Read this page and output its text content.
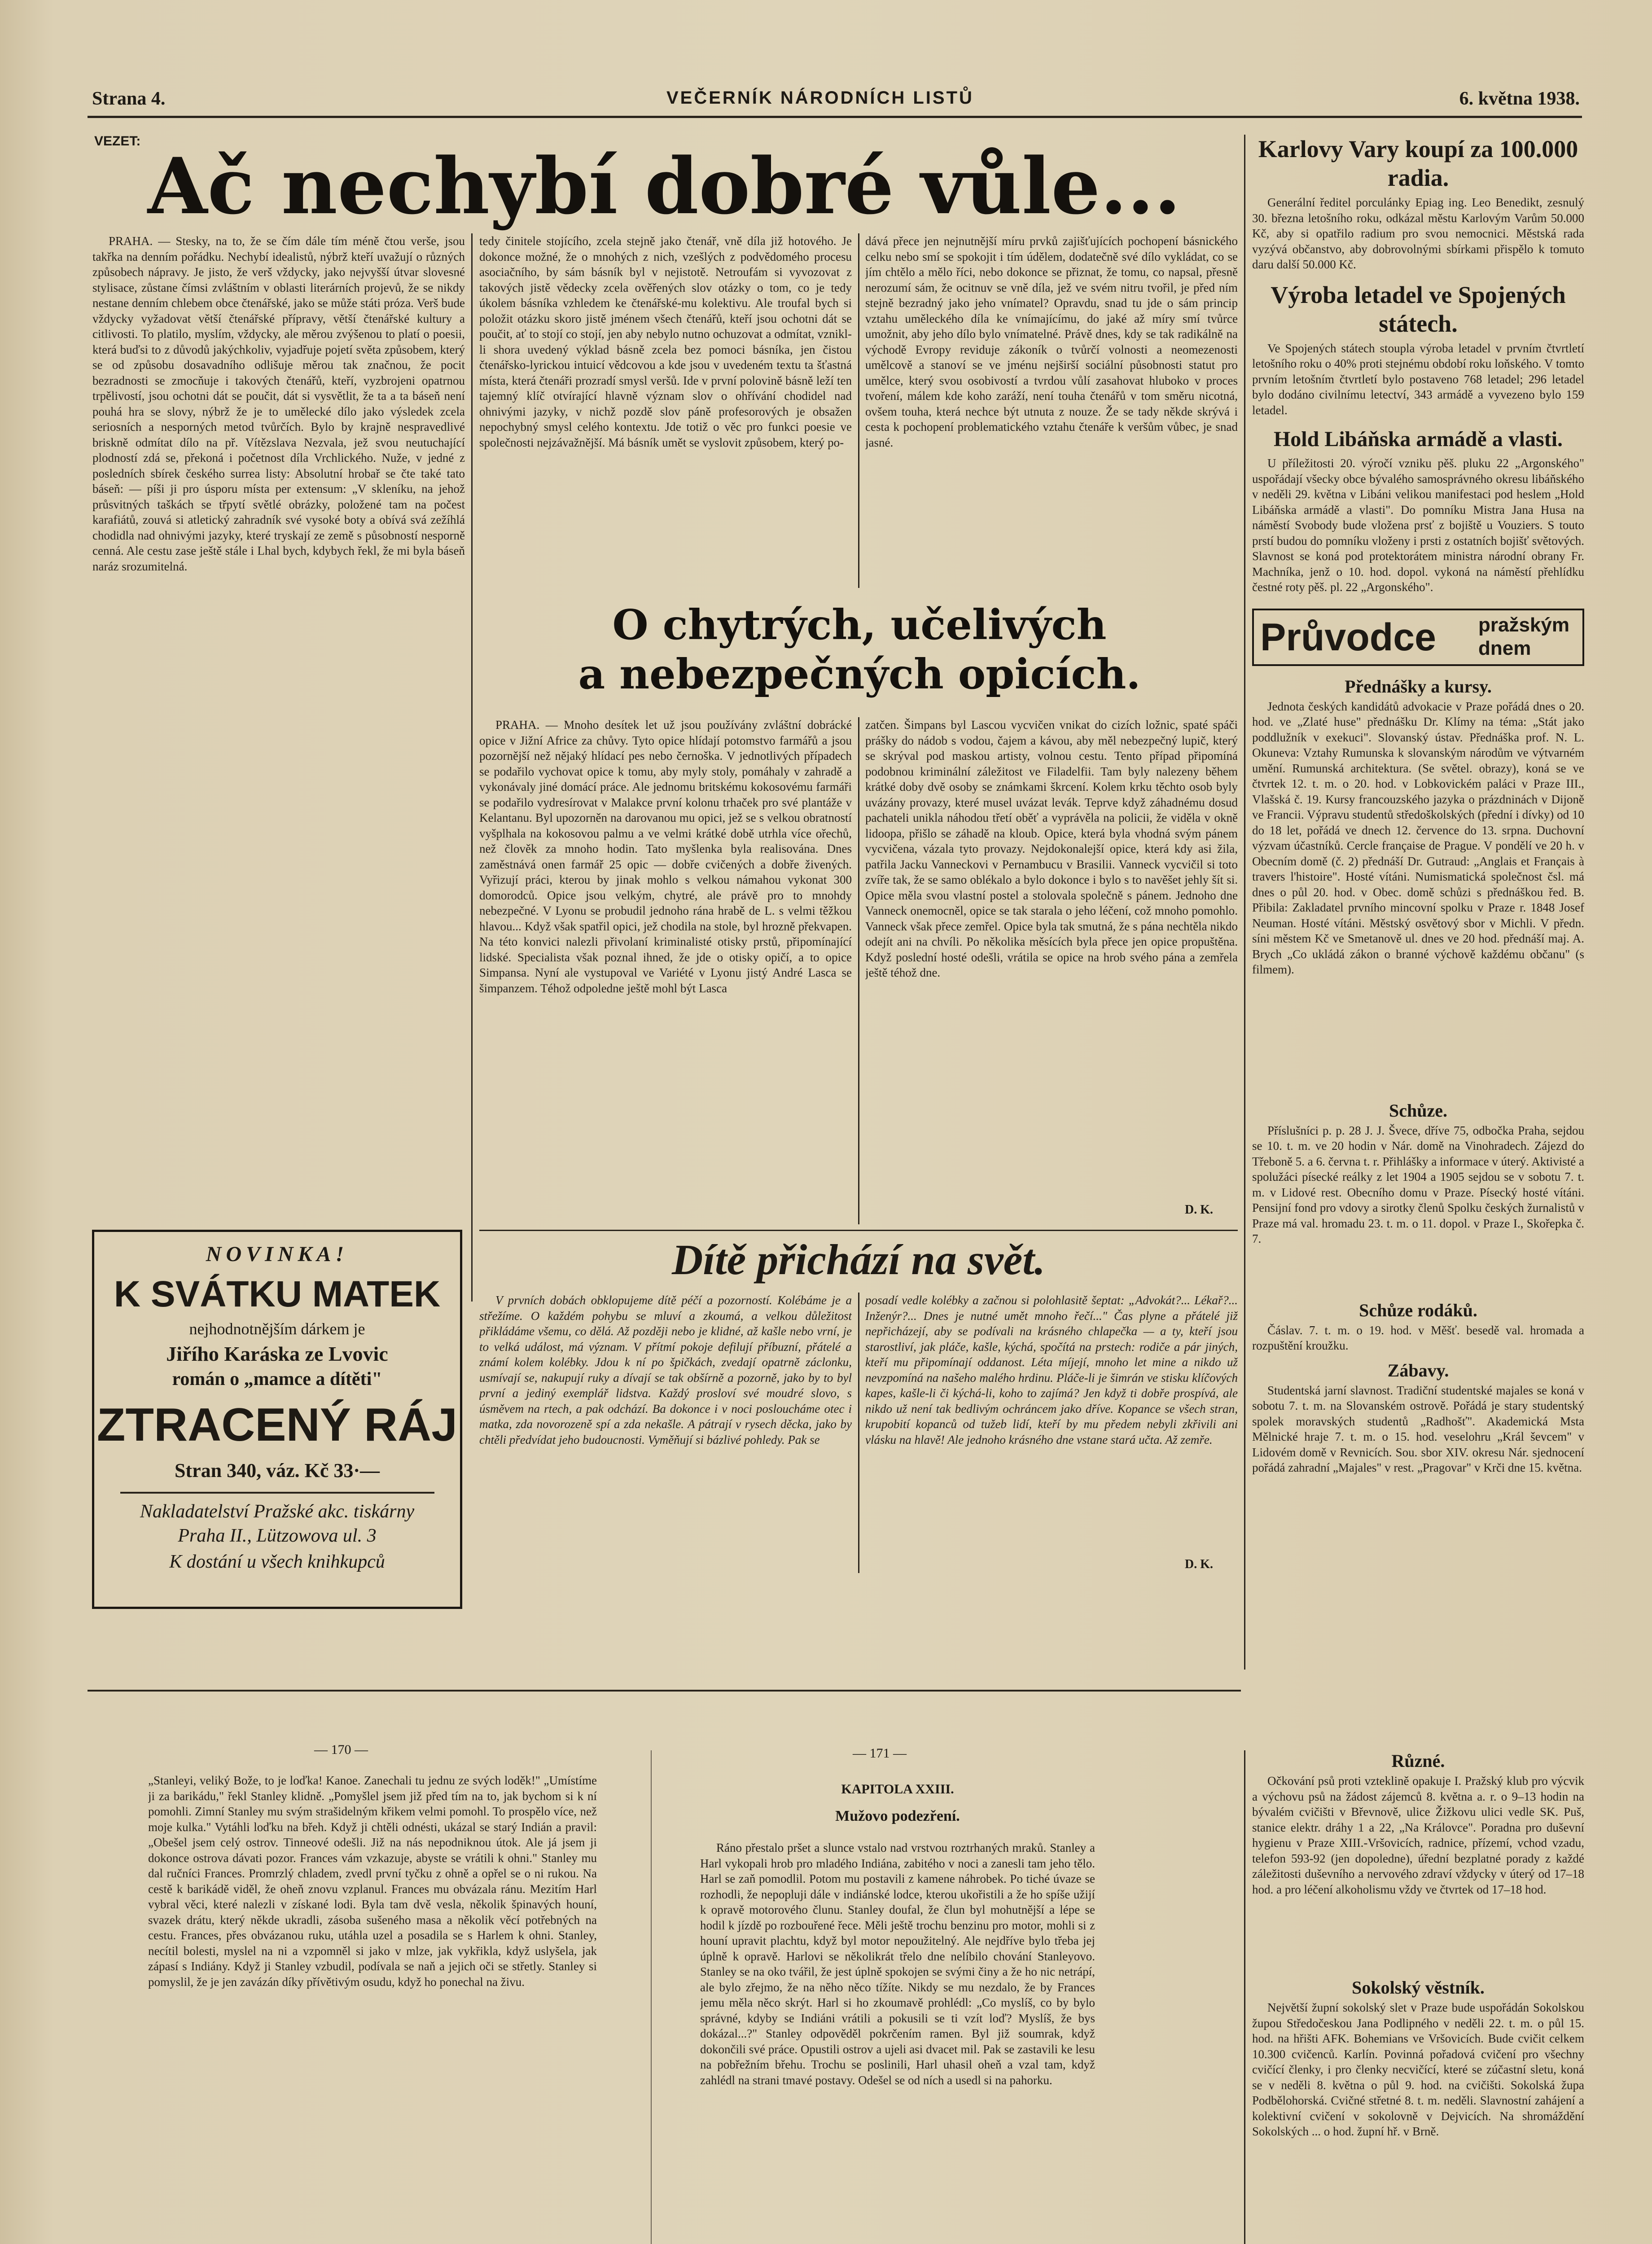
Strana 4.	VEČERNÍK NÁRODNÍCH LISTŮ	6. května 1938.
VEZET: Ač nechybí dobré vůle...

PRAHA. — Stesky, na to, že se čím dále tím méně čtou verše, jsou takřka na denním pořádku. Nechybí idealistů, nýbrž kteří uvažují o různých způsobech nápravy. Je jisto, že verš vždycky, jako nejvyšší útvar slovesné stylisace, zůstane čímsi zvláštním v oblasti literárních projevů, že se nikdy nestane denním chlebem obce čtenářské, jako se může státi próza. Verš bude vždycky vyžadovat větší čtenářské přípravy, větší čtenářské kultury a citlivosti. To platilo, myslím, vždycky, ale měrou zvýšenou to platí o poesii, která buďsi to z důvodů jakýchkoliv, vyjadřuje pojetí světa způsobem, který se od způsobu dosavadního odlišuje měrou tak značnou, že pocit bezradnosti se zmocňuje i takových čtenářů, kteří, vyzbrojeni opatrnou trpělivostí, jsou ochotni dát se poučit, dát si vysvětlit, že ta a ta báseň není pouhá hra se slovy, nýbrž že je to umělecké dílo jako výsledek zcela seriosních a nesporných metod tvůrčích. Bylo by krajně nespravedlivé briskně odmítat dílo na př. Vítězslava Nezvala, jež svou neutuchající plodností zdá se, překoná i početnost díla Vrchlického. Nuže, v jedné z posledních sbírek českého surrea listy: Absolutní hrobař se čte také tato báseň: — píši ji pro úsporu místa per extensum: „V skleníku, na jehož průsvitných taškách se třpytí světlé obrázky, položené tam na počest karafiátů, zouvá si atletický zahradník své vysoké boty a obívá svá zežíhlá chodidla nad ohnivými jazyky, které tryskají ze země s působností nesporně cenná. Ale cestu zase ještě stále i Lhal bych, kdybych řekl, že mi byla báseň naráz srozumitelná.

tedy činitele stojícího, zcela stejně jako čtenář, vně díla již hotového. Je dokonce možné, že o mnohých z nich, vzešlých z podvědomého procesu asociačního, by sám básník byl v nejistotě. Netroufám si vyvozovat z takových jistě vědecky zcela ověřených slov otázky o tom, co je tedy úkolem básníka vzhledem ke čtenářské-mu kolektivu. Ale troufal bych si položit otázku skoro jistě jménem všech čtenářů, kteří jsou ochotni dát se poučit, ať to stojí co stojí, jen aby nebylo nutno ochuzovat a odmítat, vznikl-li shora uvedený výklad básně zcela bez pomoci básníka, jen čistou čtenářsko-lyrickou intuicí vědcovou a kde jsou v uvedeném textu ta šťastná místa, která čtenáři prozradí smysl veršů. Ide v první polovině básně leží ten tajemný klíč otvírající hlavně význam slov o ohřívání chodidel nad ohnivými jazyky, v nichž pozdě slov páně profesorových je obsažen nepochybný smysl celého kontextu. Jde totiž o věc pro funkci poesie ve společnosti nejzávažnější. Má básník umět se vyslovit způsobem, který po-

dává přece jen nejnutnější míru prvků zajišťujících pochopení básnického celku nebo smí se spokojit i tím údělem, dodatečně své dílo vykládat, co se jím chtělo a mělo říci, nebo dokonce se přiznat, že tomu, co napsal, přesně nerozumí sám, že ocitnuv se vně díla, jež ve svém nitru tvořil, je před ním stejně bezradný jako jeho vnímatel? Opravdu, snad tu jde o sám princip vztahu uměleckého díla ke vnímajícímu, do jaké až míry smí tvůrce umožnit, aby jeho dílo bylo vnímatelné. Právě dnes, kdy se tak radikálně na východě Evropy reviduje zákoník o tvůrčí volnosti a neomezenosti umělcově a stanoví se ve jménu nejširší sociální působnosti statut pro umělce, který svou osobivostí a tvrdou vůlí zasahovat hluboko v proces tvoření, málem kde koho zaráží, není touha čtenářů v tom směru nicotná, ovšem touha, která nechce být utnuta z nouze. Že se tady někde skrývá i cesta k pochopení problematického vztahu čtenáře k veršům vůbec, je snad jasné.

O chytrých, učelivých
a nebezpečných opicích.

PRAHA. — Mnoho desítek let už jsou používány zvláštní dobrácké opice v Jižní Africe za chůvy. Tyto opice hlídají potomstvo farmářů a jsou pozornější než nějaký hlídací pes nebo černoška. V jednotlivých případech se podařilo vychovat opice k tomu, aby myly stoly, pomáhaly v zahradě a vykonávaly jiné domácí práce. Ale jednomu britskému kokosovému farmáři se podařilo vydresírovat v Malakce první kolonu trhaček pro své plantáže v Kelantanu. Byl upozorněn na darovanou mu opici, jež se s velkou obratností vyšplhala na kokosovou palmu a ve velmi krátké době utrhla více ořechů, než člověk za mnoho hodin. Tato myšlenka byla realisována. Dnes zaměstnává onen farmář 25 opic — dobře cvičených a dobře živených. Vyřizují práci, kterou by jinak mohlo s velkou námahou vykonat 300 domorodců. Opice jsou velkým, chytré, ale právě pro to mnohdy nebezpečné. V Lyonu se probudil jednoho rána hrabě de L. s velmi těžkou hlavou... Když však spatřil opici, jež chodila na stole, byl hrozně překvapen. Na této konvici nalezli přivolaní kriminalisté otisky prstů, připomínající lidské. Specialista však poznal ihned, že jde o otisky opičí, a to opice Simpansa. Nyní ale vystupoval ve Variété v Lyonu jistý André Lasca se šimpanzem. Téhož odpoledne ještě mohl být Lasca

zatčen. Šimpans byl Lascou vycvičen vnikat do cizích ložnic, spaté spáči prášky do nádob s vodou, čajem a kávou, aby měl nebezpečný lupič, který se skrýval pod maskou artisty, volnou cestu. Tento případ připomíná podobnou kriminální záležitost ve Filadelfii. Tam byly nalezeny během krátké doby dvě osoby se známkami škrcení. Kolem krku těchto osob byly uvázány provazy, které musel uvázat levák. Teprve když záhadnému dosud pachateli unikla náhodou třetí oběť a vyprávěla na policii, že viděla v okně lidoopa, přišlo se záhadě na kloub. Opice, která byla vhodná svým pánem vycvičena, vázala tyto provazy. Nejdokonalejší opice, která kdy asi žila, patřila Jacku Vanneckovi v Pernambucu v Brasilii. Vanneck vycvičil si toto zvíře tak, že se samo oblékalo a bylo dokonce i bylo s to navěšet jehly šít si. Opice měla svou vlastní postel a stolovala společně s pánem. Jednoho dne Vanneck onemocněl, opice se tak starala o jeho léčení, což mnoho pomohlo. Vanneck však přece zemřel. Opice byla tak smutná, že s pána nechtěla nikdo odejít ani na chvíli. Po několika měsících byla přece jen opice propuštěna. Když poslední hosté odešli, vrátila se opice na hrob svého pána a zemřela ještě téhož dne.

D. K.
Dítě přichází na svět.

V prvních dobách obklopujeme dítě péčí a pozorností. Kolébáme je a střežíme. O každém pohybu se mluví a zkoumá, a velkou důležitost přikládáme všemu, co dělá. Až později nebo je klidné, až kašle nebo vrní, je to velká událost, má význam. V přítmí pokoje defilují příbuzní, přátelé a známí kolem kolébky. Jdou k ní po špičkách, zvedají opatrně záclonku, usmívají se, nakupují ruky a dívají se tak obšírně a pozorně, jako by to byl první a jediný exemplář lidstva. Každý prosloví své moudré slovo, s úsměvem na rtech, a pak odchází. Ba dokonce i v noci posloucháme otec i matka, zda novorozeně spí a zda nekašle. A pátrají v rysech děcka, jako by chtěli předvídat jeho budoucnosti. Vyměňují si bázlivé pohledy. Pak se

posadí vedle kolébky a začnou si polohlasitě šeptat: „Advokát?... Lékař?... Inženýr?... Dnes je nutné umět mnoho řečí..." Čas plyne a přátelé již nepřicházejí, aby se podívali na krásného chlapečka — a ty, kteří jsou starostliví, jak pláče, kašle, kýchá, spočítá na prstech: rodiče a pár jiných, kteří mu připomínají oddanost. Léta míjejí, mnoho let mine a nikdo už nevzpomíná na našeho malého hrdinu. Pláče-li je šimrán ve stisku klíčových kapes, kašle-li či kýchá-li, koho to zajímá? Jen když ti dobře prospívá, ale nikdo už není tak bedlivým ochráncem jako dříve. Kopance se všech stran, krupobití kopanců od tužeb lidí, kteří by mu předem nebyli zkřivili ani vlásku na hlavě! Ale jednoho krásného dne vstane stará učta. Až zemře.

D. K.
NOVINKA!
K SVÁTKU MATEK
nejhodnotnějším dárkem je
Jiřího Karáska ze Lvovic
román o „mamce a dítěti"
ZTRACENÝ RÁJ
Stran 340, váz. Kč 33·—
Nakladatelství Pražské akc. tiskárny
Praha II., Lützowova ul. 3
K dostání u všech knihkupců
Karlovy Vary koupí za 100.000 radia.
Generální ředitel porculánky Epiag ing. Leo Benedikt, zesnulý 30. března letošního roku, odkázal městu Karlovým Varům 50.000 Kč, aby si opatřilo radium pro svou nemocnici. Městská rada vyzývá občanstvo, aby dobrovolnými sbírkami přispělo k tomuto daru další 50.000 Kč.
Výroba letadel ve Spojených státech.
Ve Spojených státech stoupla výroba letadel v prvním čtvrtletí letošního roku o 40% proti stejnému období roku loňského. V tomto prvním letošním čtvrtletí bylo postaveno 768 letadel; 296 letadel bylo dodáno civilnímu letectví, 343 armádě a vyvezeno bylo 159 letadel.
Hold Libáňska armádě a vlasti.
U příležitosti 20. výročí vzniku pěš. pluku 22 „Argonského" uspořádají všecky obce bývalého samosprávného okresu libáňského v neděli 29. května v Libáni velikou manifestaci pod heslem „Hold Libáňska armádě a vlasti". Do pomníku Mistra Jana Husa na náměstí Svobody bude vložena prsť z bojiště u Vouziers. S touto prstí budou do pomníku vloženy i prsti z ostatních bojišť světových. Slavnost se koná pod protektorátem ministra národní obrany Fr. Machníka, jenž o 10. hod. dopol. vykoná na náměstí přehlídku čestné roty pěš. pl. 22 „Argonského".
Průvodce pražským
dnem
Přednášky a kursy.
Jednota českých kandidátů advokacie v Praze pořádá dnes o 20. hod. ve „Zlaté huse" přednášku Dr. Klímy na téma: „Stát jako poddlužník v exekuci". Slovanský ústav. Přednáška prof. N. L. Okuneva: Vztahy Rumunska k slovanským národům ve výtvarném umění. Rumunská architektura. (Se světel. obrazy), koná se ve čtvrtek 12. t. m. o 20. hod. v Lobkovickém paláci v Praze III., Vlašská č. 19. Kursy francouzského jazyka o prázdninách v Dijoně ve Francii. Výpravu studentů středoškolských (přední i dívky) od 10 do 18 let, pořádá ve dnech 12. července do 13. srpna. Duchovní výzvam účastníků. Cercle française de Prague. V pondělí ve 20 h. v Obecním domě (č. 2) přednáší Dr. Gutraud: „Anglais et Français à travers l'histoire". Hosté vítáni. Numismatická společnost čsl. má dnes o půl 20. hod. v Obec. domě schůzi s přednáškou řed. B. Přibila: Zakladatel prvního mincovní spolku v Praze r. 1848 Josef Neuman. Hosté vítáni. Městský osvětový sbor v Michli. V předn. síni městem Kč ve Smetanově ul. dnes ve 20 hod. přednáší maj. A. Brych „Co ukládá zákon o branné výchově každému občanu" (s filmem).
Schůze.
Příslušníci p. p. 28 J. J. Švece, dříve 75, odbočka Praha, sejdou se 10. t. m. ve 20 hodin v Nár. domě na Vinohradech. Zájezd do Třeboně 5. a 6. června t. r. Přihlášky a informace v úterý. Aktivisté a spolužáci písecké reálky z let 1904 a 1905 sejdou se v sobotu 7. t. m. v Lidové rest. Obecního domu v Praze. Písecký hosté vítáni. Pensijní fond pro vdovy a sirotky členů Spolku českých žurnalistů v Praze má val. hromadu 23. t. m. o 11. dopol. v Praze I., Skořepka č. 7.
Schůze rodáků.
Čáslav. 7. t. m. o 19. hod. v Měšť. besedě val. hromada a rozpuštění kroužku.
Zábavy.
Studentská jarní slavnost. Tradiční studentské majales se koná v sobotu 7. t. m. na Slovanském ostrově. Pořádá je stary studentský spolek moravských studentů „Radhošť". Akademická Msta Mělnické hraje 7. t. m. o 15. hod. veselohru „Král ševcem" v Lidovém domě v Revnicích. Sou. sbor XIV. okresu Nár. sjednocení pořádá zahradní „Majales" v rest. „Pragovar" v Krči dne 15. května.
Různé.
Očkování psů proti vzteklině opakuje I. Pražský klub pro výcvik a výchovu psů na žádost zájemců 8. května a. r. o 9–13 hodin na bývalém cvičišti v Břevnově, ulice Žižkovu ulici vedle SK. Puš, stanice elektr. dráhy 1 a 22, „Na Královce". Poradna pro duševní hygienu v Praze XIII.-Vršovicích, radnice, přízemí, vchod vzadu, telefon 593-92 (jen dopoledne), úřední bezplatné porady z každé záležitosti duševního a nervového zdraví vždycky v úterý od 17–18 hod. a pro léčení alkoholismu vždy ve čtvrtek od 17–18 hod.
Sokolský věstník.
Největší župní sokolský slet v Praze bude uspořádán Sokolskou župou Středočeskou Jana Podlipného v neděli 22. t. m. o půl 15. hod. na hřišti AFK. Bohemians ve Vršovicích. Bude cvičit celkem 10.300 cvičenců. Karlín. Povinná pořadová cvičení pro všechny cvičící členky, i pro členky necvičící, které se zúčastní sletu, koná se v neděli 8. května o půl 9. hod. na cvičišti. Sokolská župa Podbělohorská. Cvičné střetné 8. t. m. neděli. Slavnostní zahájení a kolektivní cvičení v sokolovně v Dejvicích. Na shromáždění Sokolských ... o hod. župní hř. v Brně.
— 170 —	— 171 —

„Stanleyi, veliký Bože, to je loďka! Kanoe. Zanechali tu jednu ze svých loděk!" „Umístíme ji za barikádu," řekl Stanley klidně. „Pomyšlel jsem již před tím na to, jak bychom si k ní pomohli. Zimní Stanley mu svým strašidelným křikem velmi pomohl. To prospělo více, než moje kulka." Vytáhli loďku na břeh. Když ji chtěli odnésti, ukázal se starý Indián a pravil: „Obešel jsem celý ostrov. Tinneové odešli. Již na nás nepodniknou útok. Ale já jsem ji dokonce ostrova dávati pozor. Frances vám vzkazuje, abyste se vrátili k ohni." Stanley mu dal ručníci Frances. Promrzlý chladem, zvedl první tyčku z ohně a opřel se o ni rukou. Na cestě k barikádě viděl, že oheň znovu vzplanul. Frances mu obvázala ránu. Mezitím Harl vybral věci, které nalezli v získané lodi. Byla tam dvě vesla, několik špinavých houní, svazek drátu, který někde ukradli, zásoba sušeného masa a několik věcí potřebných na cestu. Frances, přes obvázanou ruku, utáhla uzel a posadila se s Harlem k ohni. Stanley, necítil bolesti, myslel na ni a vzpomněl si jako v mlze, jak vykřikla, když uslyšela, jak zápasí s Indiány. Když ji Stanley vzbudil, podívala se naň a jejich oči se střetly. Stanley si pomyslil, že je jen zavázán díky přívětivým osudu, když ho ponechal na živu.

KAPITOLA XXIII.
Mužovo podezření.

Ráno přestalo pršet a slunce vstalo nad vrstvou roztrhaných mraků. Stanley a Harl vykopali hrob pro mladého Indiána, zabitého v noci a zanesli tam jeho tělo. Harl se zaň pomodlil. Potom mu postavili z kamene náhrobek. Po tiché úvaze se rozhodli, že nepopluji dále v indiánské lodce, kterou ukořistili a že ho spíše užijí k opravě motorového člunu. Stanley doufal, že člun byl mohutnější a lépe se hodil k jízdě po rozbouřené řece. Měli ještě trochu benzinu pro motor, mohli si z houní upravit plachtu, když byl motor nepoužitelný. Ale nejdříve bylo třeba jej úplně k opravě. Harlovi se několikrát třelo dne nelíbilo chování Stanleyovo. Stanley se na oko tvářil, že jest úplně spokojen se svými činy a že ho nic netrápí, ale bylo zřejmo, že na něho něco tížíte. Nikdy se mu nezdalo, že by Frances jemu měla něco skrýt. Harl si ho zkoumavě prohlédl: „Co myslíš, co by bylo správné, kdyby se Indiáni vrátili a pokusili se ti vzít loď? Myslíš, že bys dokázal...?" Stanley odpověděl pokrčením ramen. Byl již soumrak, když dokončili své práce. Opustili ostrov a ujeli asi dvacet mil. Pak se zastavili ke lesu na pobřežním břehu. Trochu se poslinili, Harl uhasil oheň a vzal tam, když zahlédl na strani tmavé postavy. Odešel se od ních a usedl si na pahorku.
